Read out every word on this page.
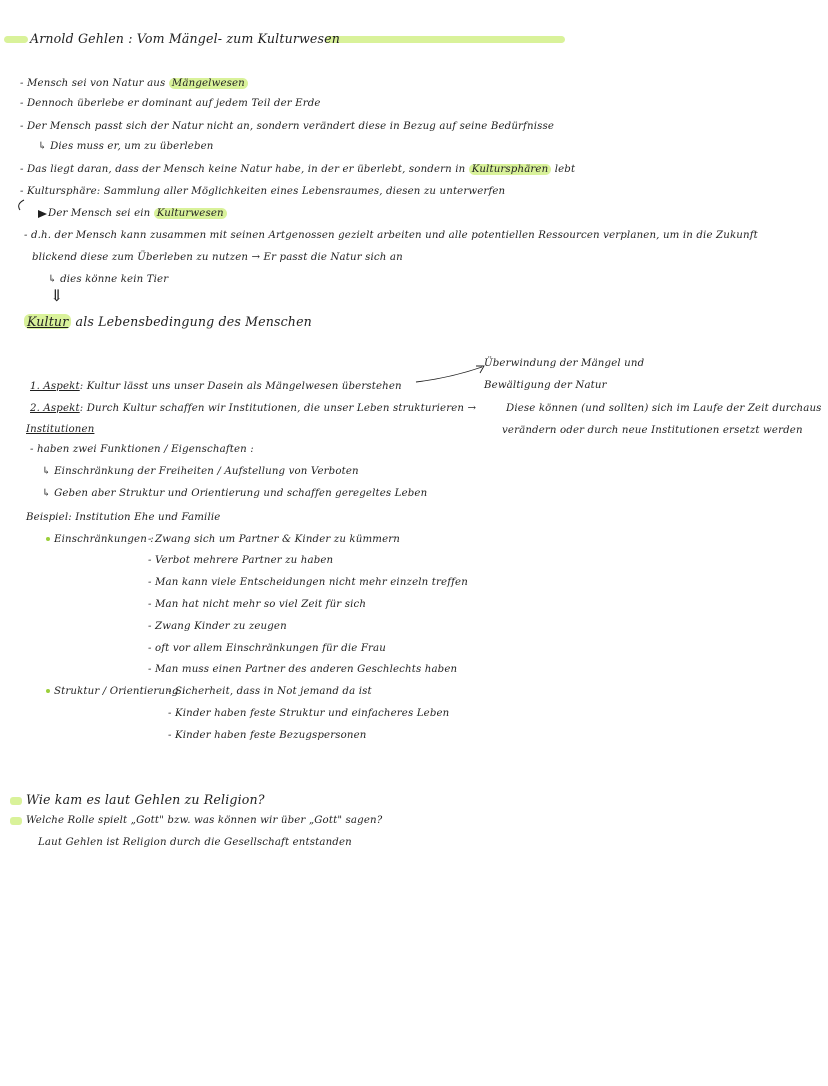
Arnold Gehlen : Vom Mängel- zum Kulturwesen
- Mensch sei von Natur aus Mängelwesen
- Dennoch überlebe er dominant auf jedem Teil der Erde
- Der Mensch passt sich der Natur nicht an, sondern verändert diese in Bezug auf seine Bedürfnisse
↳ Dies muss er, um zu überleben
- Das liegt daran, dass der Mensch keine Natur habe, in der er überlebt, sondern in Kultursphären lebt
- Kultursphäre: Sammlung aller Möglichkeiten eines Lebensraumes, diesen zu unterwerfen
Der Mensch sei ein Kulturwesen
- d.h. der Mensch kann zusammen mit seinen Artgenossen gezielt arbeiten und alle potentiellen Ressourcen verplanen, um in die Zukunft
blickend diese zum Überleben zu nutzen → Er passt die Natur sich an
↳ dies könne kein Tier
⇓
Kultur als Lebensbedingung des Menschen
Überwindung der Mängel und
Bewältigung der Natur
1. Aspekt: Kultur lässt uns unser Dasein als Mängelwesen überstehen
2. Aspekt: Durch Kultur schaffen wir Institutionen, die unser Leben strukturieren →	Diese können (und sollten) sich im Laufe der Zeit durchaus
verändern oder durch neue Institutionen ersetzt werden
Institutionen
- haben zwei Funktionen / Eigenschaften :
↳ Einschränkung der Freiheiten / Aufstellung von Verboten
↳ Geben aber Struktur und Orientierung und schaffen geregeltes Leben
Beispiel: Institution Ehe und Familie
Einschränkungen :
- Zwang sich um Partner & Kinder zu kümmern
- Verbot mehrere Partner zu haben
- Man kann viele Entscheidungen nicht mehr einzeln treffen
- Man hat nicht mehr so viel Zeit für sich
- Zwang Kinder zu zeugen
- oft vor allem Einschränkungen für die Frau
- Man muss einen Partner des anderen Geschlechts haben
Struktur / Orientierung :
- Sicherheit, dass in Not jemand da ist
- Kinder haben feste Struktur und einfacheres Leben
- Kinder haben feste Bezugspersonen
Wie kam es laut Gehlen zu Religion?
Welche Rolle spielt „Gott" bzw. was können wir über „Gott" sagen?
Laut Gehlen ist Religion durch die Gesellschaft entstanden
